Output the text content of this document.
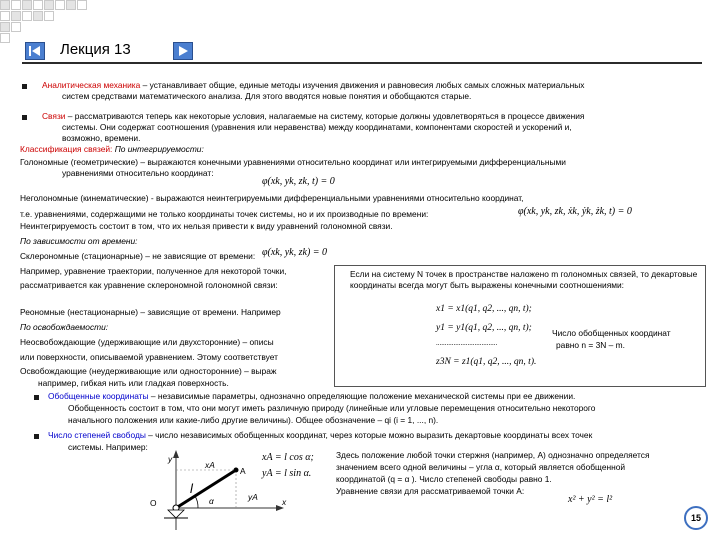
Лекция 13
Аналитическая механика – устанавливает общие, единые методы изучения движения и равновесия любых самых сложных материальных
систем средствами математического анализа. Для этого вводятся новые понятия и обобщаются старые.
Связи – рассматриваются теперь как некоторые условия, налагаемые на систему, которые должны удовлетворяться в процессе движения
системы. Они содержат соотношения (уравнения или неравенства) между координатами, компонентами скоростей и ускорений и,
возможно, времени.
Классификация связей: По интегрируемости:
Голономные (геометрические) – выражаются конечными уравнениями относительно координат или интегрируемыми дифференциальными
уравнениями относительно координат:
φ(xk, yk, zk, t) = 0
Неголономные (кинематические) - выражаются неинтегрируемыми дифференциальными уравнениями относительно координат,
т.е. уравнениями, содержащими не только координаты точек системы, но и их производные по времени:	φ(xk, yk, zk, ẋk, ẏk, żk, t) = 0
Неинтегрируемость состоит в том, что их нельзя привести к виду уравнений голономной связи.
По зависимости от времени:
Склерономные (стационарные) – не зависящие от времени: φ(xk, yk, zk) = 0
Например, уравнение траектории, полученное для некоторой точки,
рассматривается как уравнение склерономной голономной связи:
Реономные (нестационарные) – зависящие от времени. Например
По освобождаемости:
Неосвобождающие (удерживающие или двухсторонние) – описы
или поверхности, описываемой уравнением. Этому соответствует
Освобождающие (неудерживающие или односторонние) – выраж
например, гибкая нить или гладкая поверхность.
Если на систему N точек в пространстве наложено m голономных связей, то декартовые координаты всегда могут быть выражены конечными соотношениями:
x1 = x1(q1, q2, ..., qn, t);
y1 = y1(q1, q2, ..., qn, t);
...................................
z3N = z1(q1, q2, ..., qn, t).
Число обобщенных координат
равно n = 3N – m.
Обобщенные координаты – независимые параметры, однозначно определяющие положение механической системы при ее движении.
Обобщенность состоит в том, что они могут иметь различную природу (линейные или угловые перемещения относительно некоторого
начального положения или какие-либо другие величины). Общее обозначение – qi (i = 1, ..., n).
Число степеней свободы – число независимых обобщенных координат, через которые можно выразить декартовые координаты всех точек
системы. Например:
y
xA
A
l
α	yA
O	x
xA = l cos α;
yA = l sin α.
Здесь положение любой точки стержня (например, А) однозначно определяется
значением всего одной величины – угла α, который является обобщенной
координатой (q = α ). Число степеней свободы равно 1.
Уравнение связи для рассматриваемой точки А:
x² + y² = l²
15
